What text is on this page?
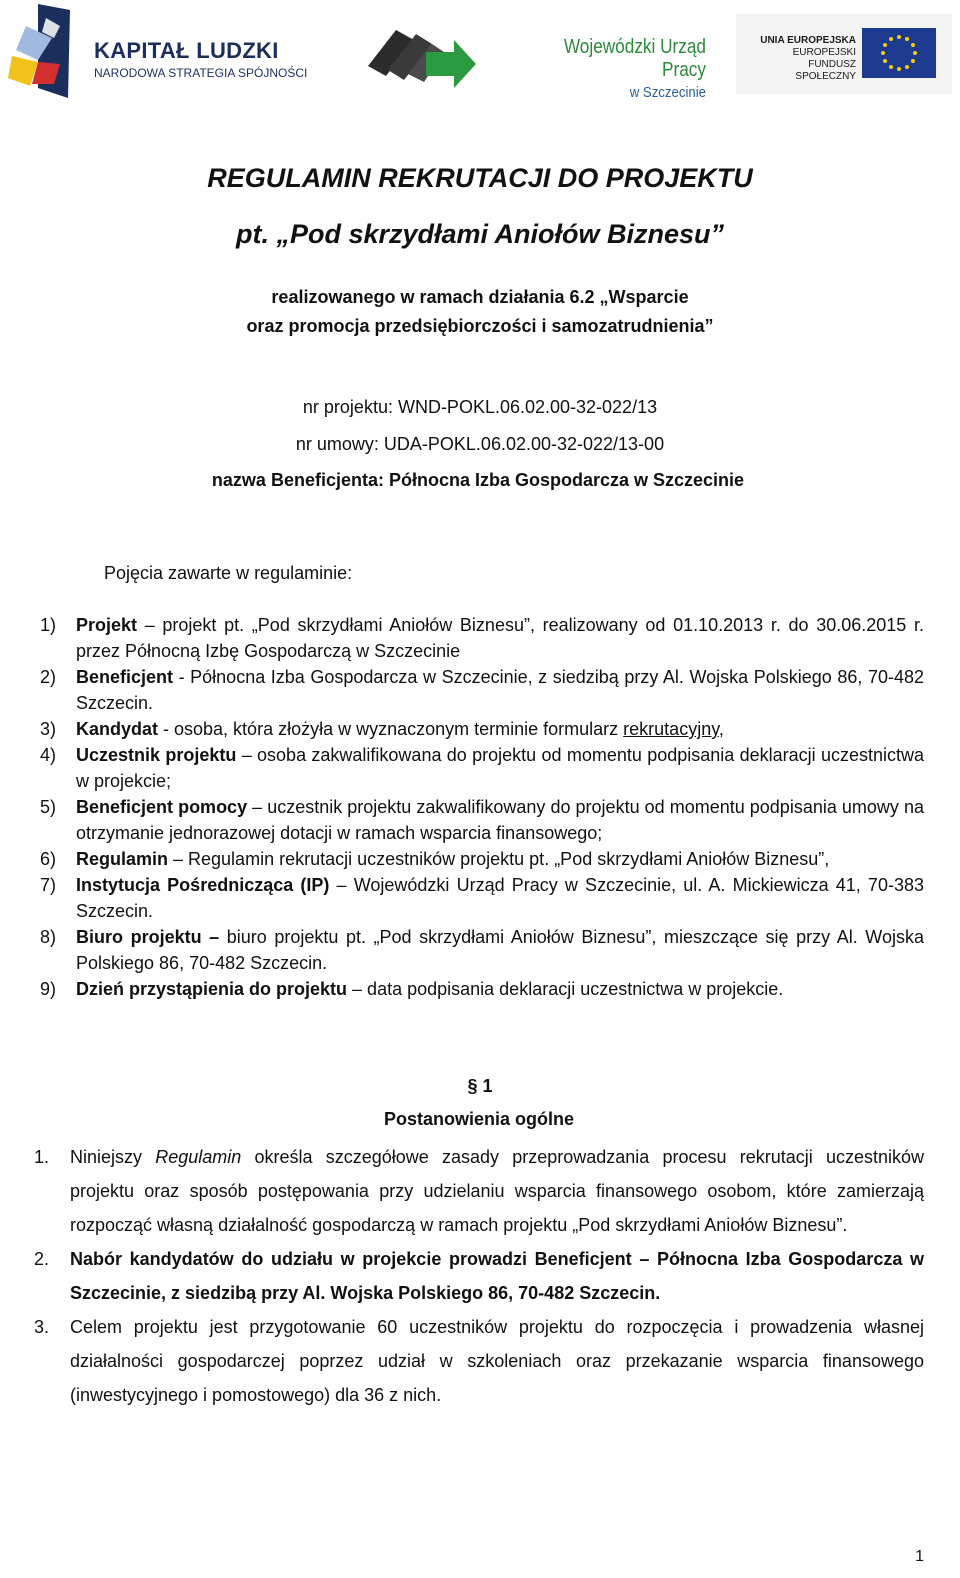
KAPITAŁ LUDZKI
NARODOWA STRATEGIA SPÓJNOŚCI
Wojewódzki Urząd Pracy
w Szczecinie
UNIA EUROPEJSKA
EUROPEJSKI
FUNDUSZ SPOŁECZNY
REGULAMIN REKRUTACJI DO PROJEKTU
pt. „Pod skrzydłami Aniołów Biznesu”

realizowanego w ramach działania 6.2 „Wsparcie

oraz promocja przedsiębiorczości i samozatrudnienia”

nr projektu: WND-POKL.06.02.00-32-022/13

nr umowy: UDA-POKL.06.02.00-32-022/13-00

nazwa Beneficjenta: Północna Izba Gospodarcza w Szczecinie

Pojęcia zawarte w regulaminie:

1) Projekt – projekt pt. „Pod skrzydłami Aniołów Biznesu”, realizowany od 01.10.2013 r. do 30.06.2015 r. przez Północną Izbę Gospodarczą w Szczecinie
2) Beneficjent - Północna Izba Gospodarcza w Szczecinie, z siedzibą przy Al. Wojska Polskiego 86, 70-482 Szczecin.
3) Kandydat - osoba, która złożyła w wyznaczonym terminie formularz rekrutacyjny,
4) Uczestnik projektu – osoba zakwalifikowana do projektu od momentu podpisania deklaracji uczestnictwa w projekcie;
5) Beneficjent pomocy – uczestnik projektu zakwalifikowany do projektu od momentu podpisania umowy na otrzymanie jednorazowej dotacji w ramach wsparcia finansowego;
6) Regulamin – Regulamin rekrutacji uczestników projektu pt. „Pod skrzydłami Aniołów Biznesu”,
7) Instytucja Pośrednicząca (IP) – Wojewódzki Urząd Pracy w Szczecinie, ul. A. Mickiewicza 41, 70-383 Szczecin.
8) Biuro projektu – biuro projektu pt. „Pod skrzydłami Aniołów Biznesu”, mieszczące się przy Al. Wojska Polskiego 86, 70-482 Szczecin.
9) Dzień przystąpienia do projektu – data podpisania deklaracji uczestnictwa w projekcie.

§ 1

Postanowienia ogólne

1. Niniejszy Regulamin określa szczegółowe zasady przeprowadzania procesu rekrutacji uczestników projektu oraz sposób postępowania przy udzielaniu wsparcia finansowego osobom, które zamierzają rozpocząć własną działalność gospodarczą w ramach projektu „Pod skrzydłami Aniołów Biznesu”.
2. Nabór kandydatów do udziału w projekcie prowadzi Beneficjent – Północna Izba Gospodarcza w Szczecinie, z siedzibą przy Al. Wojska Polskiego 86, 70-482 Szczecin.
3. Celem projektu jest przygotowanie 60 uczestników projektu do rozpoczęcia i prowadzenia własnej działalności gospodarczej poprzez udział w szkoleniach oraz przekazanie wsparcia finansowego (inwestycyjnego i pomostowego) dla 36 z nich.

1
